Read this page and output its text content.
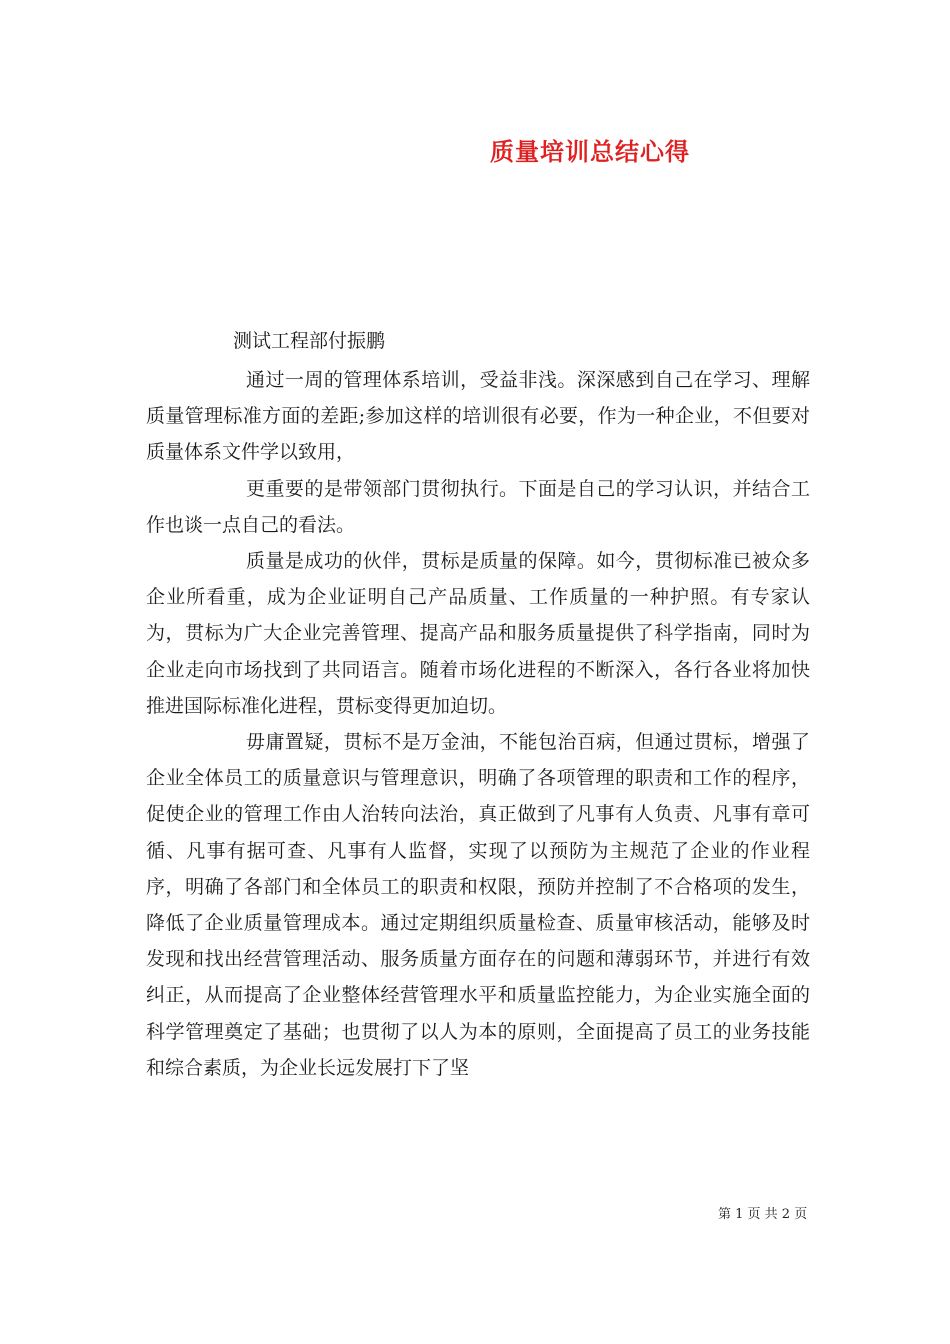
质量培训总结心得
测试工程部付振鹏

通过一周的管理体系培训，受益非浅。深深感到自己在学习、理解质量管理标准方面的差距;参加这样的培训很有必要，作为一种企业，不但要对质量体系文件学以致用，

更重要的是带领部门贯彻执行。下面是自己的学习认识，并结合工作也谈一点自己的看法。

质量是成功的伙伴，贯标是质量的保障。如今，贯彻标准已被众多企业所看重，成为企业证明自己产品质量、工作质量的一种护照。有专家认为，贯标为广大企业完善管理、提高产品和服务质量提供了科学指南，同时为企业走向市场找到了共同语言。随着市场化进程的不断深入，各行各业将加快推进国际标准化进程，贯标变得更加迫切。

毋庸置疑，贯标不是万金油，不能包治百病，但通过贯标，增强了企业全体员工的质量意识与管理意识，明确了各项管理的职责和工作的程序，促使企业的管理工作由人治转向法治，真正做到了凡事有人负责、凡事有章可循、凡事有据可查、凡事有人监督，实现了以预防为主规范了企业的作业程序，明确了各部门和全体员工的职责和权限，预防并控制了不合格项的发生，降低了企业质量管理成本。通过定期组织质量检查、质量审核活动，能够及时发现和找出经营管理活动、服务质量方面存在的问题和薄弱环节，并进行有效纠正，从而提高了企业整体经营管理水平和质量监控能力，为企业实施全面的科学管理奠定了基础；也贯彻了以人为本的原则，全面提高了员工的业务技能和综合素质，为企业长远发展打下了坚

第 1 页 共 2 页
